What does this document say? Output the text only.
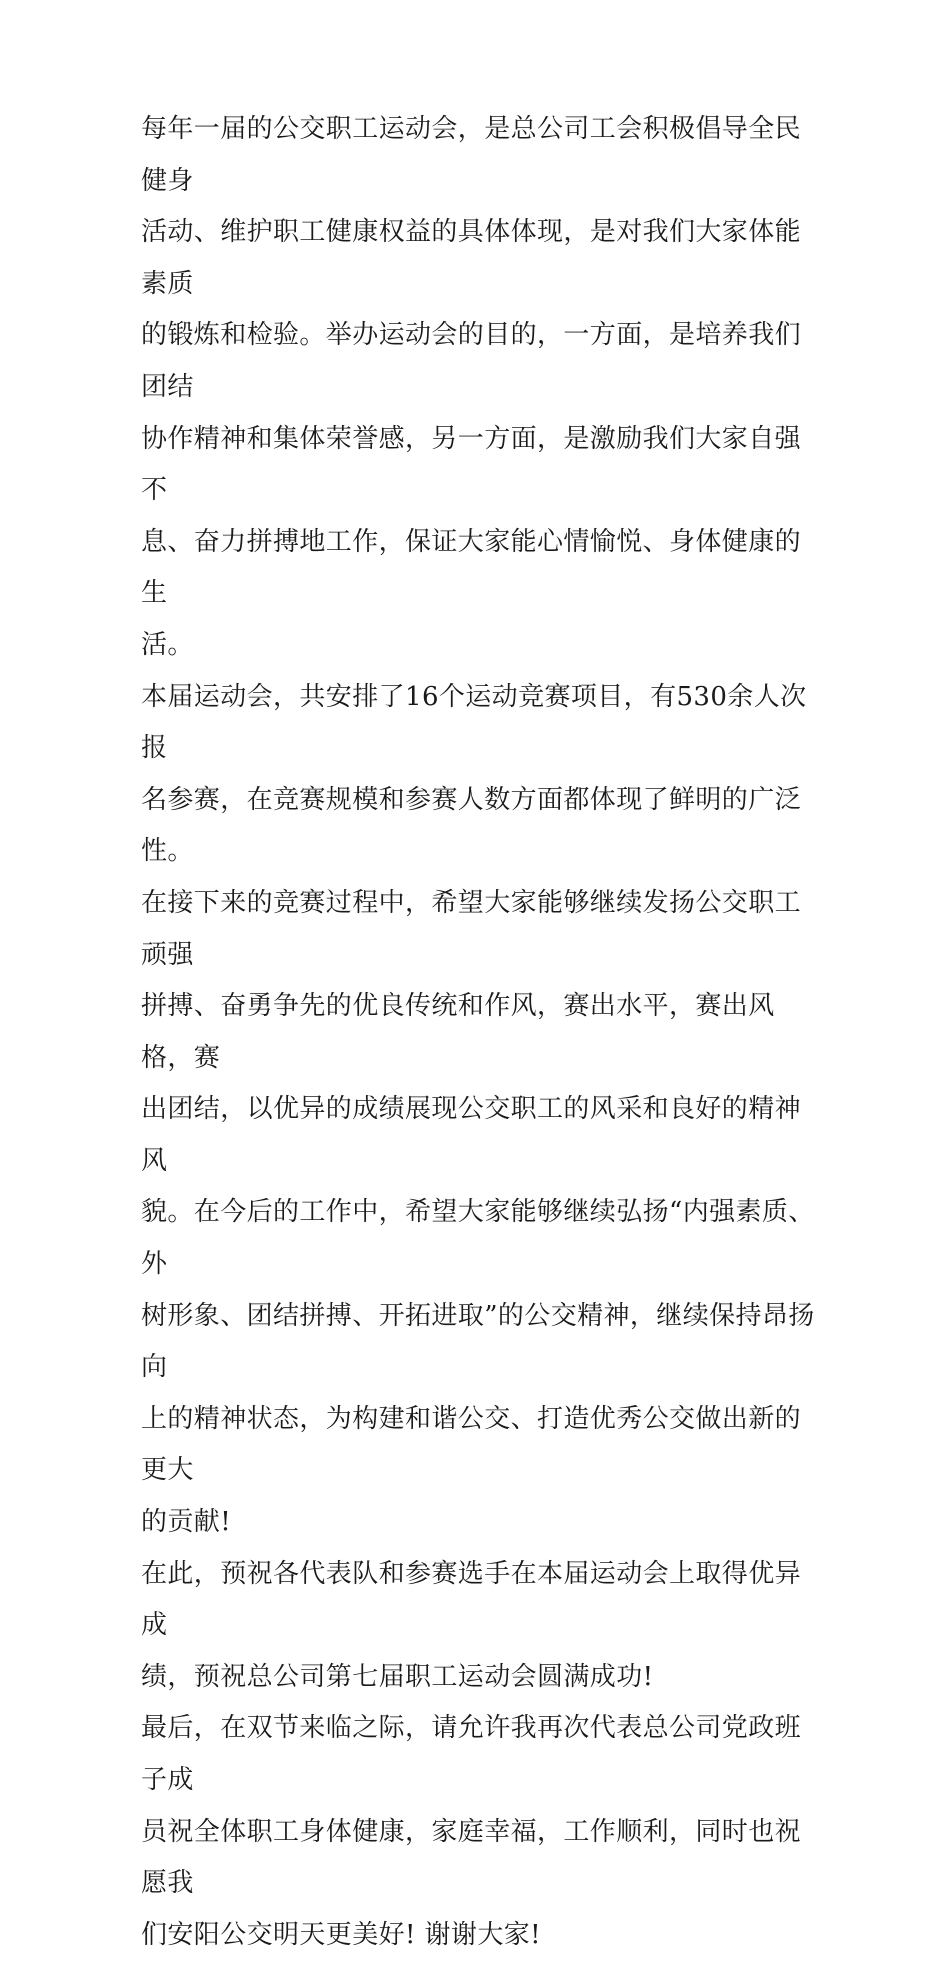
每年一届的公交职工运动会，是总公司工会积极倡导全民健身
活动、维护职工健康权益的具体体现，是对我们大家体能素质
的锻炼和检验。举办运动会的目的，一方面，是培养我们团结
协作精神和集体荣誉感，另一方面，是激励我们大家自强不
息、奋力拼搏地工作，保证大家能心情愉悦、身体健康的生
活。

本届运动会，共安排了16个运动竞赛项目，有530余人次报
名参赛，在竞赛规模和参赛人数方面都体现了鲜明的广泛性。
在接下来的竞赛过程中，希望大家能够继续发扬公交职工顽强
拼搏、奋勇争先的优良传统和作风，赛出水平，赛出风格，赛
出团结，以优异的成绩展现公交职工的风采和良好的精神风
貌。在今后的工作中，希望大家能够继续弘扬“内强素质、外
树形象、团结拼搏、开拓进取”的公交精神，继续保持昂扬向
上的精神状态，为构建和谐公交、打造优秀公交做出新的更大
的贡献!

在此，预祝各代表队和参赛选手在本届运动会上取得优异成
绩，预祝总公司第七届职工运动会圆满成功!

最后，在双节来临之际，请允许我再次代表总公司党政班子成
员祝全体职工身体健康，家庭幸福，工作顺利，同时也祝愿我
们安阳公交明天更美好! 谢谢大家!
